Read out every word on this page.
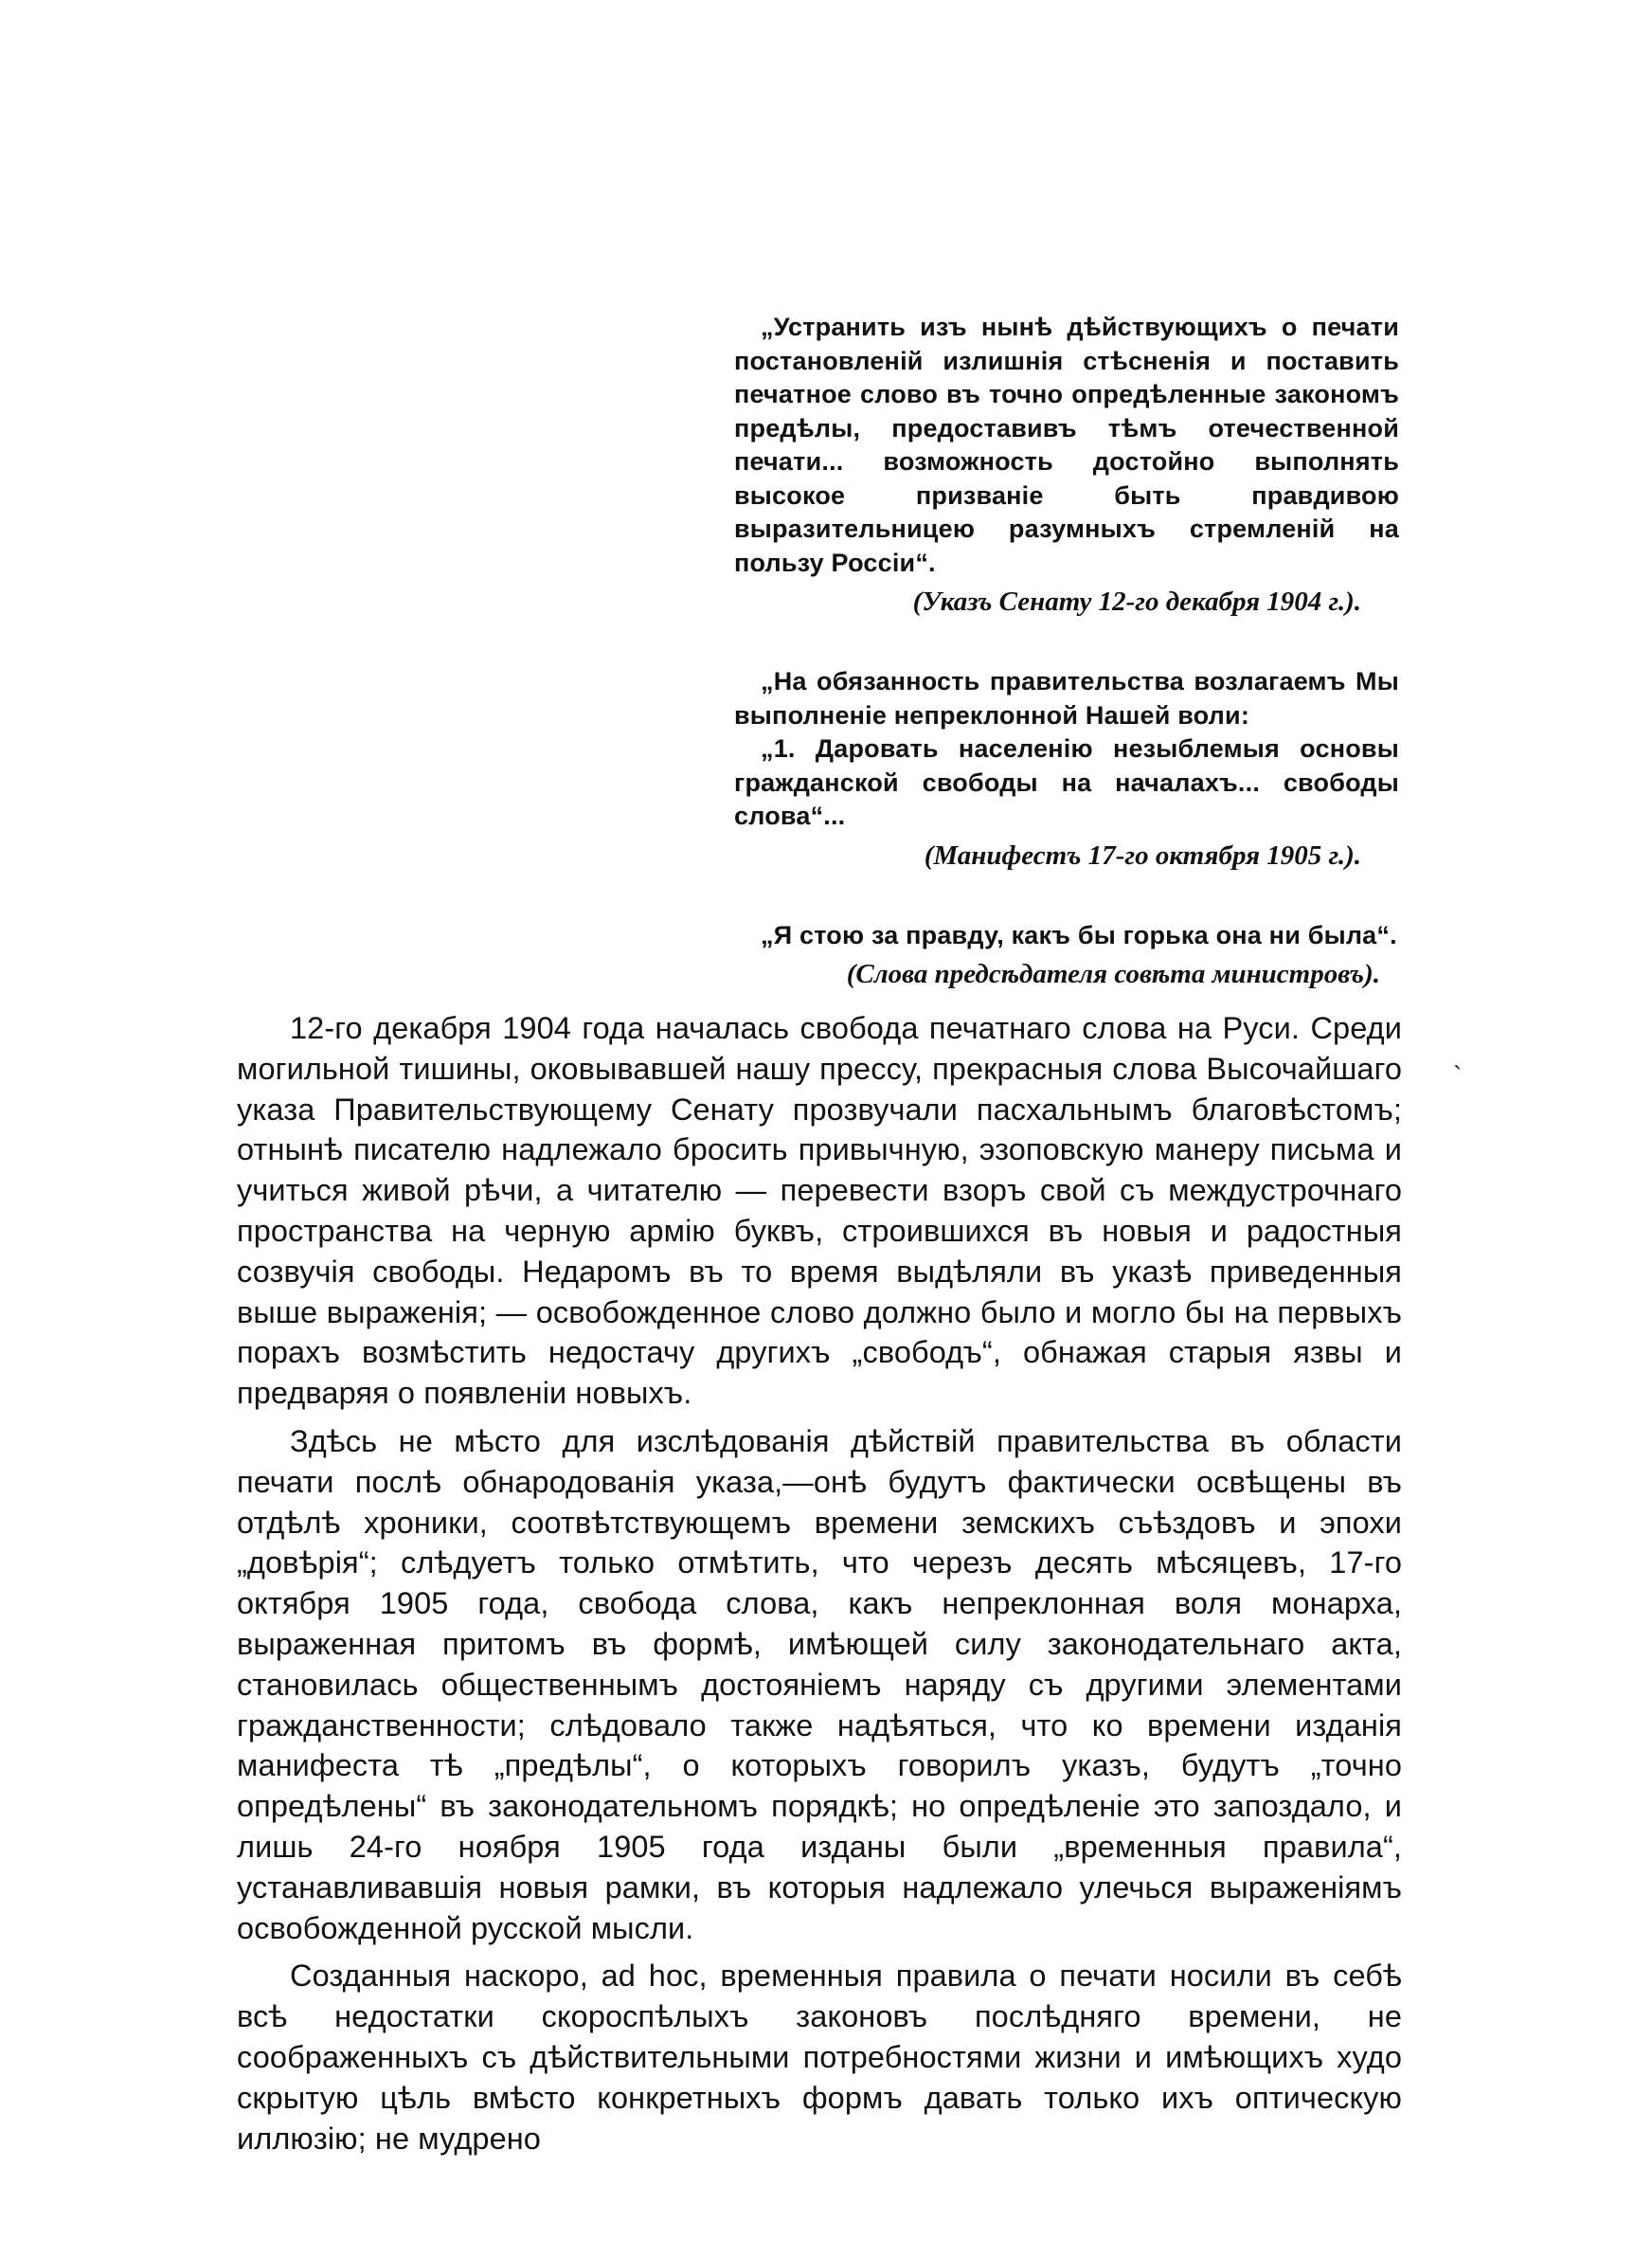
„Устранить изъ нынѣ дѣйствующихъ о печати постановленій излишнія стѣсненія и поставить печатное слово въ точно опредѣленные закономъ предѣлы, предоставивъ тѣмъ отечественной печати... возможность достойно выполнять высокое призваніе быть правдивою выразительницею разумныхъ стремленій на пользу Россіи“.

(Указъ Сенату 12-го декабря 1904 г.).

„На обязанность правительства возлагаемъ Мы выполненіе непреклонной Нашей воли:

„1. Даровать населенію незыблемыя основы гражданской свободы на началахъ... свободы слова“...

(Манифестъ 17-го октября 1905 г.).

„Я стою за правду, какъ бы горька она ни была“.

(Слова предсѣдателя совѣта министровъ).
`

12-го декабря 1904 года началась свобода печатнаго слова на Руси. Среди могильной тишины, оковывавшей нашу прессу, прекрасныя слова Высочайшаго указа Правительствующему Сенату прозвучали пасхальнымъ благовѣстомъ; отнынѣ писателю надлежало бросить привычную, эзоповскую манеру письма и учиться живой рѣчи, а читателю — перевести взоръ свой съ междустрочнаго пространства на черную армію буквъ, строившихся въ новыя и радостныя созвучія свободы. Недаромъ въ то время выдѣляли въ указѣ приведенныя выше выраженія; — освобожденное слово должно было и могло бы на первыхъ порахъ возмѣстить недостачу другихъ „свободъ“, обнажая старыя язвы и предваряя о появленіи новыхъ.

Здѣсь не мѣсто для изслѣдованія дѣйствій правительства въ области печати послѣ обнародованія указа,—онѣ будутъ фактически освѣщены въ отдѣлѣ хроники, соотвѣтствующемъ времени земскихъ съѣздовъ и эпохи „довѣрія“; слѣдуетъ только отмѣтить, что черезъ десять мѣсяцевъ, 17-го октября 1905 года, свобода слова, какъ непреклонная воля монарха, выраженная притомъ въ формѣ, имѣющей силу законодательнаго акта, становилась общественнымъ достояніемъ наряду съ другими элементами гражданственности; слѣдовало также надѣяться, что ко времени изданія манифеста тѣ „предѣлы“, о которыхъ говорилъ указъ, будутъ „точно опредѣлены“ въ законодательномъ порядкѣ; но опредѣленіе это запоздало, и лишь 24-го ноября 1905 года изданы были „временныя правила“, устанавливавшія новыя рамки, въ которыя надлежало улечься выраженіямъ освобожденной русской мысли.

Созданныя наскоро, ad hoc, временныя правила о печати носили въ себѣ всѣ недостатки скороспѣлыхъ законовъ послѣдняго времени, не соображенныхъ съ дѣйствительными потребностями жизни и имѣющихъ худо скрытую цѣль вмѣсто конкретныхъ формъ давать только ихъ оптическую иллюзію; не мудрено
